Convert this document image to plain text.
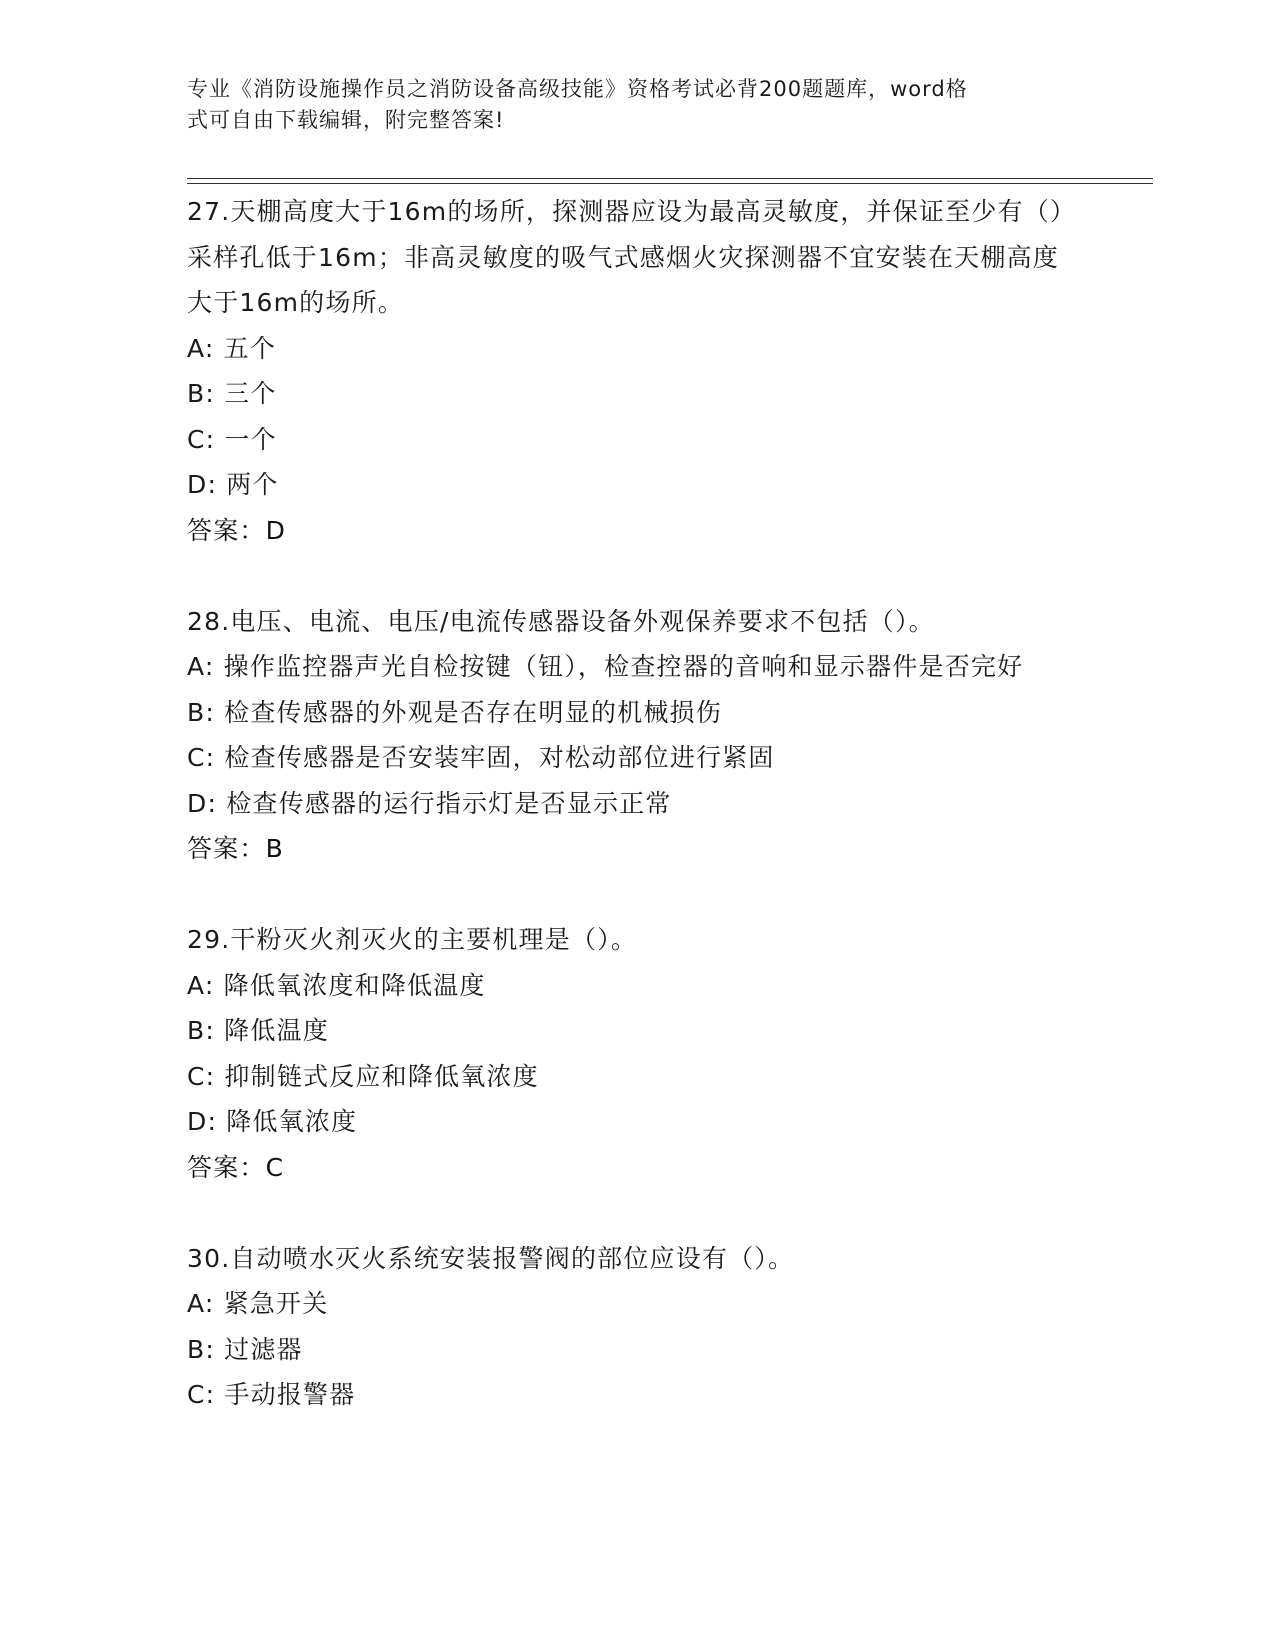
专业《消防设施操作员之消防设备高级技能》资格考试必背200题题库，word格
式可自由下载编辑，附完整答案!
27.天棚高度大于16m的场所，探测器应设为最高灵敏度，并保证至少有（）采样孔低于16m；非高灵敏度的吸气式感烟火灾探测器不宜安装在天棚高度大于16m的场所。
A: 五个
B: 三个
C: 一个
D: 两个
答案：D
28.电压、电流、电压/电流传感器设备外观保养要求不包括（）。
A: 操作监控器声光自检按键（钮），检查控器的音响和显示器件是否完好
B: 检查传感器的外观是否存在明显的机械损伤
C: 检查传感器是否安装牢固，对松动部位进行紧固
D: 检查传感器的运行指示灯是否显示正常
答案：B
29.干粉灭火剂灭火的主要机理是（）。
A: 降低氧浓度和降低温度
B: 降低温度
C: 抑制链式反应和降低氧浓度
D: 降低氧浓度
答案：C
30.自动喷水灭火系统安装报警阀的部位应设有（）。
A: 紧急开关
B: 过滤器
C: 手动报警器
